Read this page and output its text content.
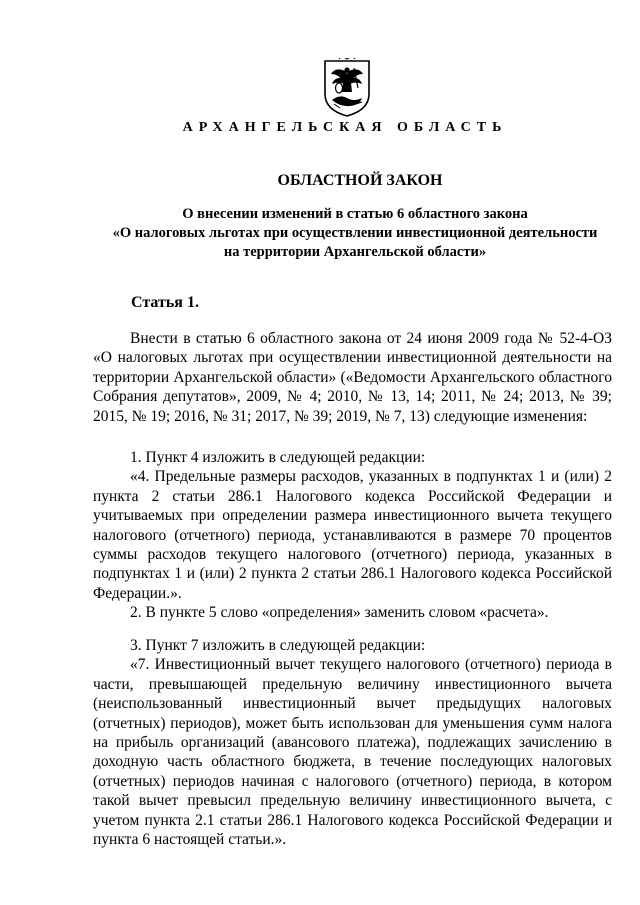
АРХАНГЕЛЬСКАЯ ОБЛАСТЬ
ОБЛАСТНОЙ ЗАКОН
О внесении изменений в статью 6 областного закона
«О налоговых льготах при осуществлении инвестиционной деятельности
на территории Архангельской области»
Статья 1.

Внести в статью 6 областного закона от 24 июня 2009 года № 52-4-ОЗ «О налоговых льготах при осуществлении инвестиционной деятельности на территории Архангельской области» («Ведомости Архангельского областного Собрания депутатов», 2009, № 4; 2010, № 13, 14; 2011, № 24; 2013, № 39; 2015, № 19; 2016, № 31; 2017, № 39; 2019, № 7, 13) следующие изменения:

1. Пункт 4 изложить в следующей редакции:

«4. Предельные размеры расходов, указанных в подпунктах 1 и (или) 2 пункта 2 статьи 286.1 Налогового кодекса Российской Федерации и учитываемых при определении размера инвестиционного вычета текущего налогового (отчетного) периода, устанавливаются в размере 70 процентов суммы расходов текущего налогового (отчетного) периода, указанных в подпунктах 1 и (или) 2 пункта 2 статьи 286.1 Налогового кодекса Российской Федерации.».

2. В пункте 5 слово «определения» заменить словом «расчета».

3. Пункт 7 изложить в следующей редакции:

«7. Инвестиционный вычет текущего налогового (отчетного) периода в части, превышающей предельную величину инвестиционного вычета (неиспользованный инвестиционный вычет предыдущих налоговых (отчетных) периодов), может быть использован для уменьшения сумм налога на прибыль организаций (авансового платежа), подлежащих зачислению в доходную часть областного бюджета, в течение последующих налоговых (отчетных) периодов начиная с налогового (отчетного) периода, в котором такой вычет превысил предельную величину инвестиционного вычета, с учетом пункта 2.1 статьи 286.1 Налогового кодекса Российской Федерации и пункта 6 настоящей статьи.».
